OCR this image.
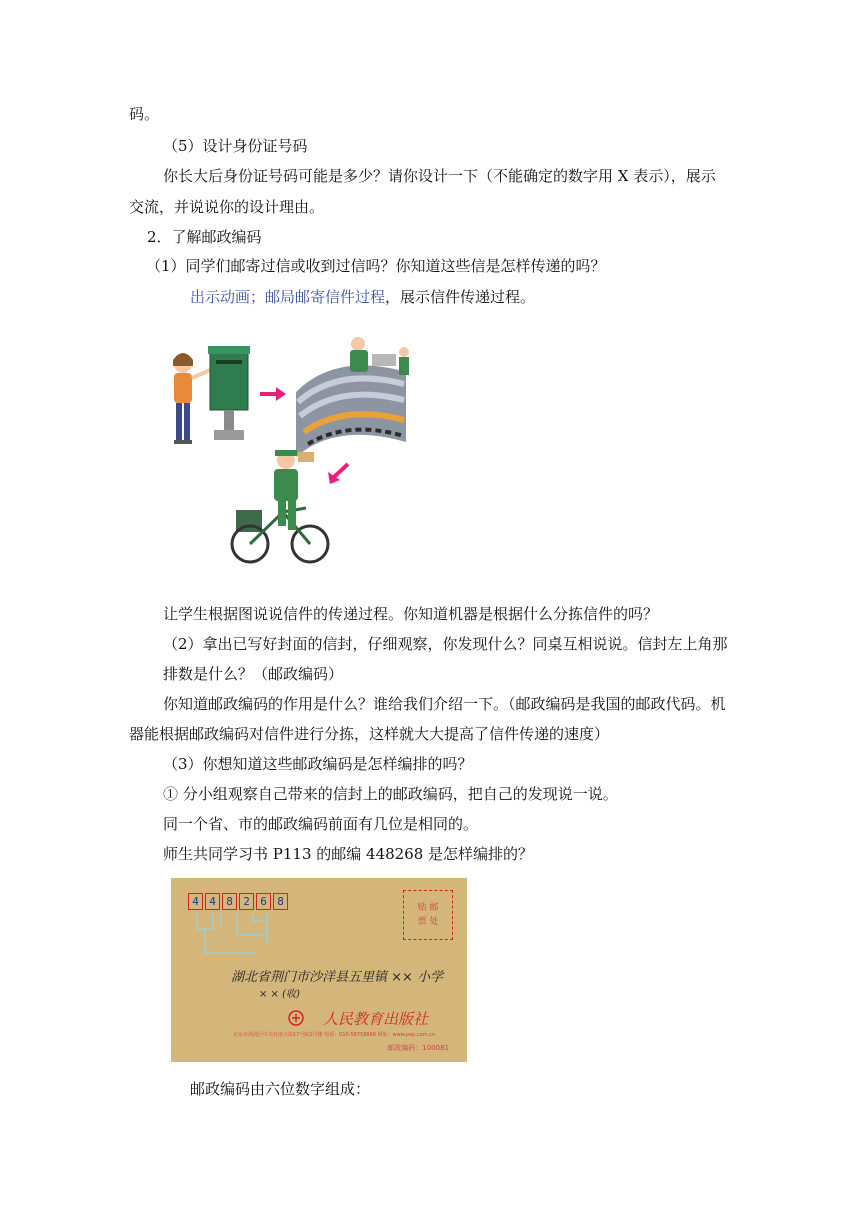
码。
（5）设计身份证号码
你长大后身份证号码可能是多少？请你设计一下（不能确定的数字用 X 表示），展示
交流，并说说你的设计理由。
2．了解邮政编码
（1）同学们邮寄过信或收到过信吗？你知道这些信是怎样传递的吗？
出示动画；邮局邮寄信件过程，展示信件传递过程。
让学生根据图说说信件的传递过程。你知道机器是根据什么分拣信件的吗？
（2）拿出已写好封面的信封，仔细观察，你发现什么？同桌互相说说。信封左上角那
排数是什么？（邮政编码）
你知道邮政编码的作用是什么？谁给我们介绍一下。（邮政编码是我国的邮政代码。机
器能根据邮政编码对信件进行分拣，这样就大大提高了信件传递的速度）
（3）你想知道这些邮政编码是怎样编排的吗？
① 分小组观察自己带来的信封上的邮政编码，把自己的发现说一说。
同一个省、市的邮政编码前面有几位是相同的。
师生共同学习书 P113 的邮编 448268 是怎样编排的？
4 4 8 2 6 8	贴 邮
票 处
湖北省荆门市沙洋县五里镇 ×× 小学
× × (收)
人民教育出版社
北京市海淀区中关村南大街17号院1号楼 电话：010-58758866 网址：www.pep.com.cn
邮政编码：100081
邮政编码由六位数字组成：
